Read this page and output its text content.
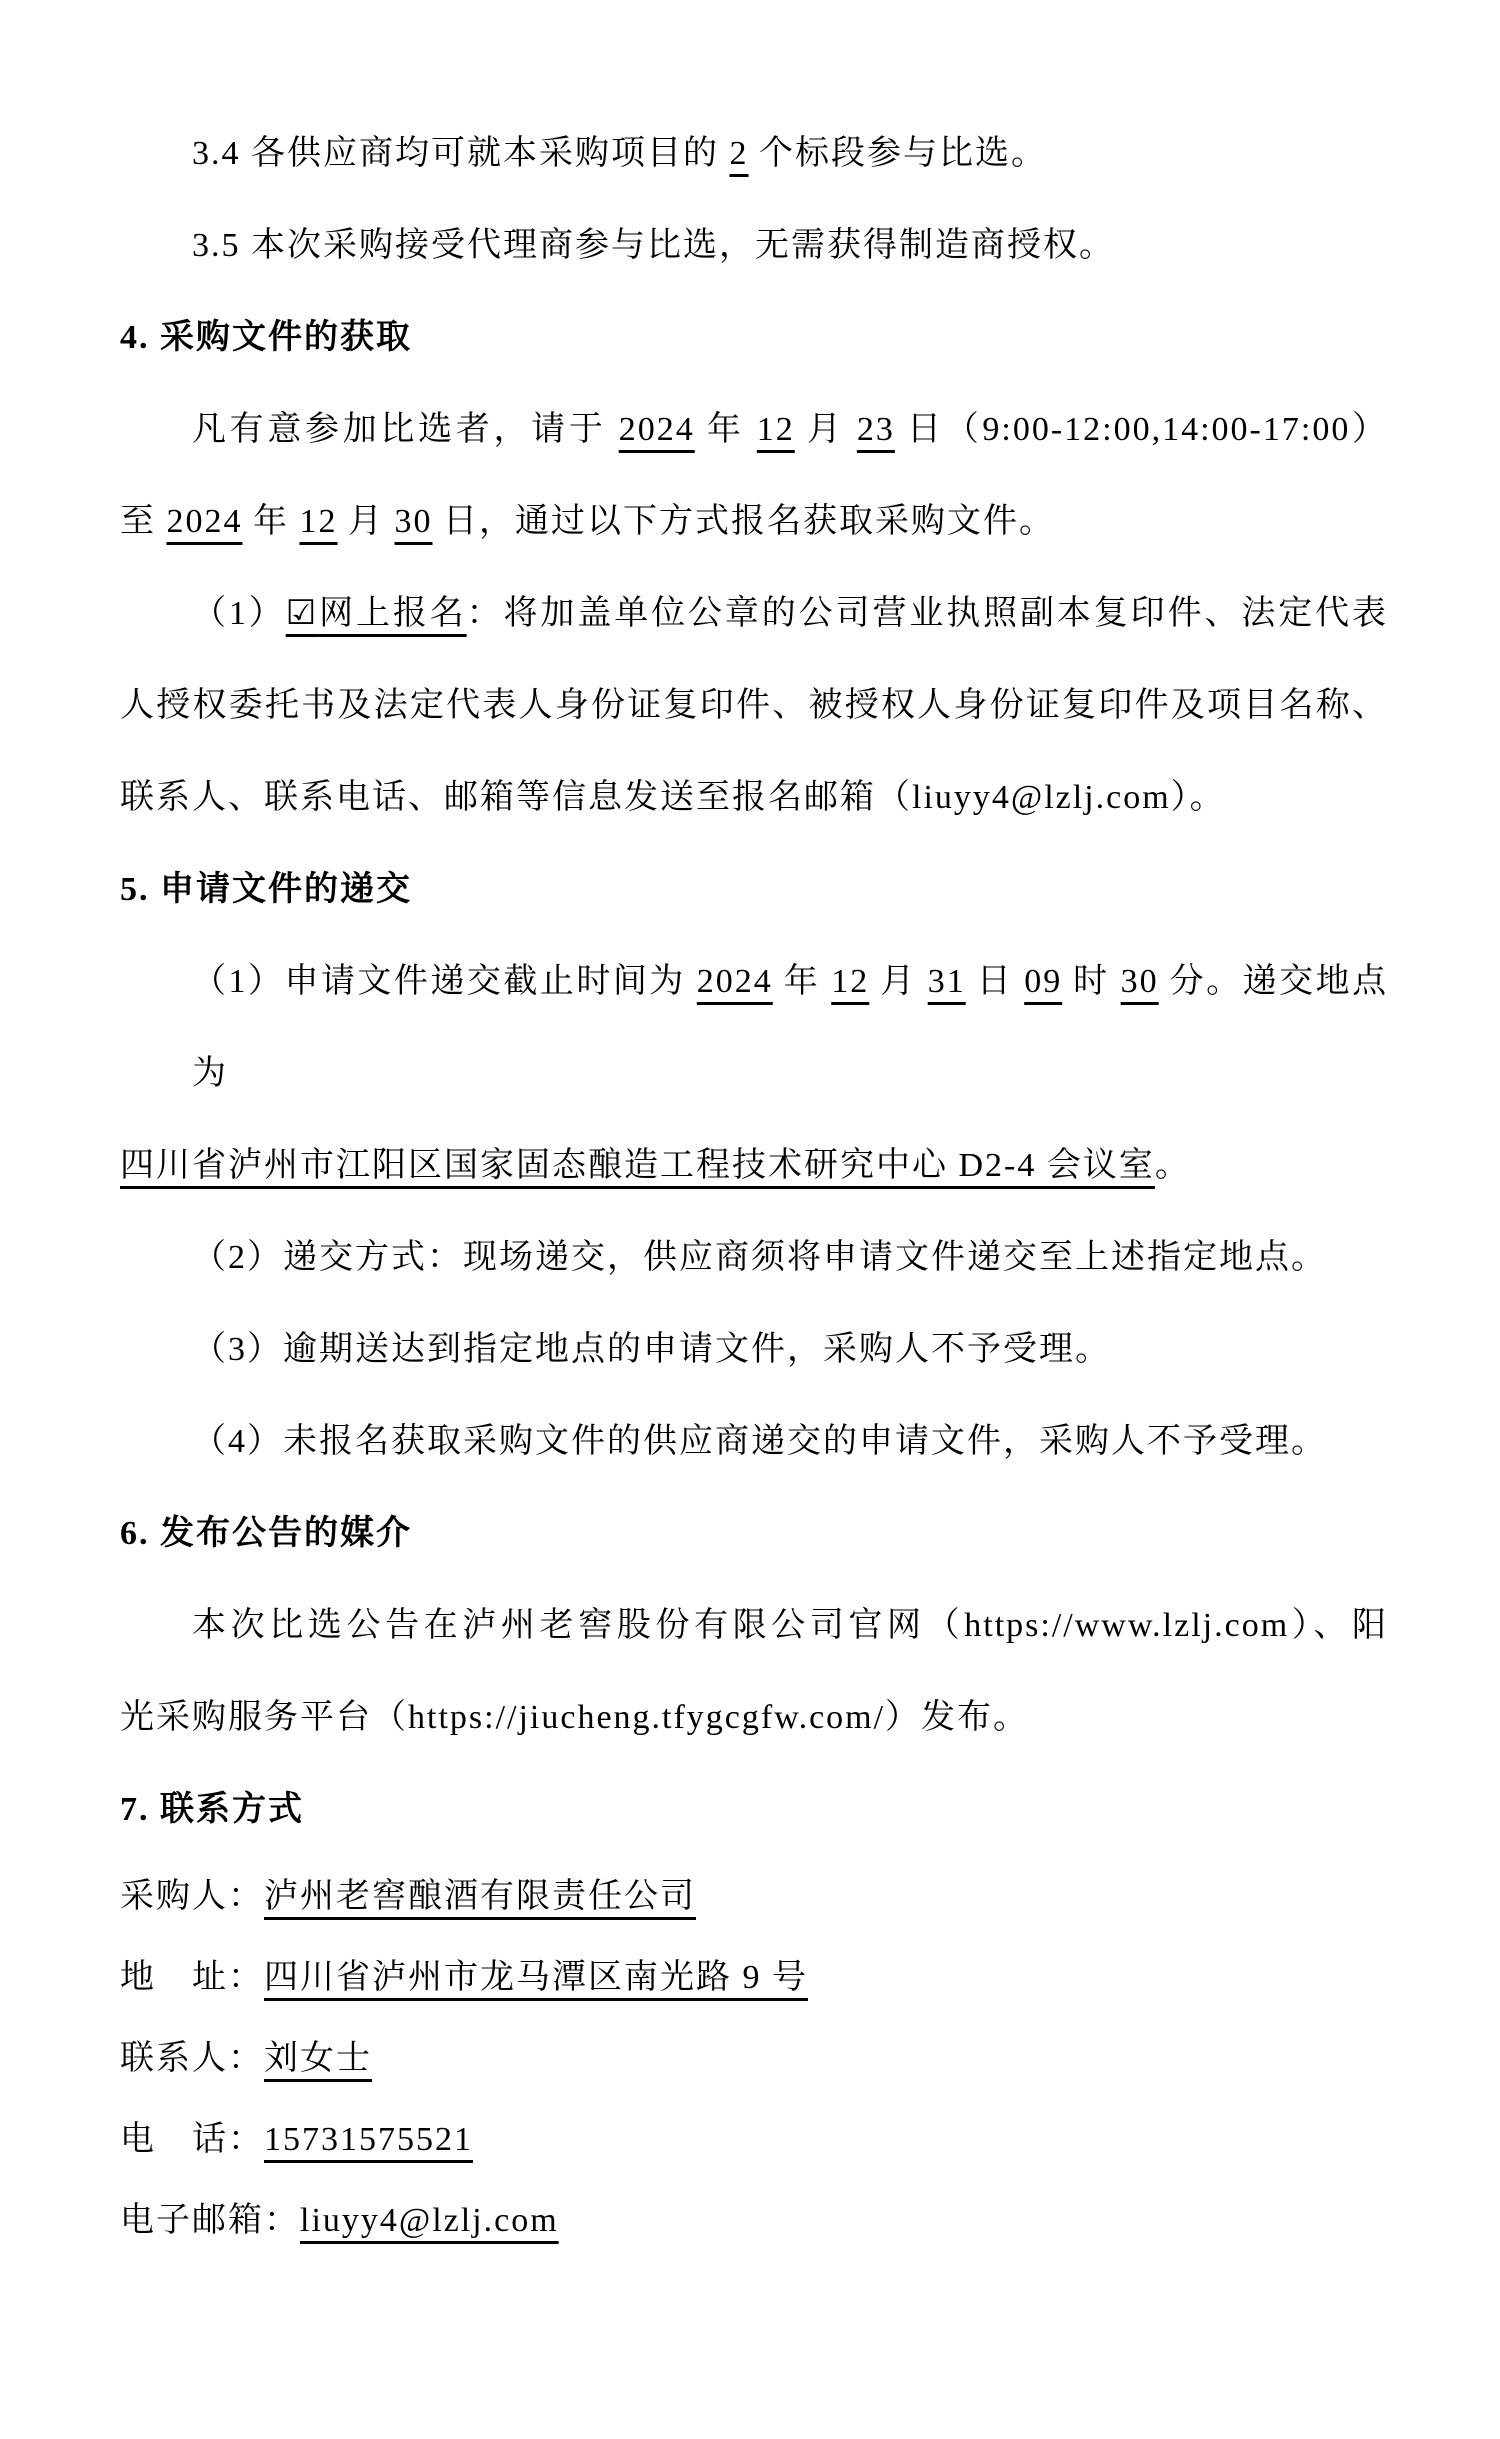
3.4 各供应商均可就本采购项目的 2 个标段参与比选。
3.5 本次采购接受代理商参与比选，无需获得制造商授权。
4. 采购文件的获取
凡有意参加比选者，请于 2024 年 12 月 23 日（9:00-12:00,14:00-17:00）
至 2024 年 12 月 30 日，通过以下方式报名获取采购文件。
（1）☑网上报名：将加盖单位公章的公司营业执照副本复印件、法定代表
人授权委托书及法定代表人身份证复印件、被授权人身份证复印件及项目名称、
联系人、联系电话、邮箱等信息发送至报名邮箱（liuyy4@lzlj.com）。
5. 申请文件的递交
（1）申请文件递交截止时间为 2024 年 12 月 31 日 09 时 30 分。递交地点为
四川省泸州市江阳区国家固态酿造工程技术研究中心 D2-4 会议室。
（2）递交方式：现场递交，供应商须将申请文件递交至上述指定地点。
（3）逾期送达到指定地点的申请文件，采购人不予受理。
（4）未报名获取采购文件的供应商递交的申请文件，采购人不予受理。
6. 发布公告的媒介
本次比选公告在泸州老窖股份有限公司官网（https://www.lzlj.com）、阳
光采购服务平台（https://jiucheng.tfygcgfw.com/）发布。
7. 联系方式
采购人：泸州老窖酿酒有限责任公司
地　址：四川省泸州市龙马潭区南光路 9 号
联系人：刘女士
电　话：15731575521
电子邮箱：liuyy4@lzlj.com
